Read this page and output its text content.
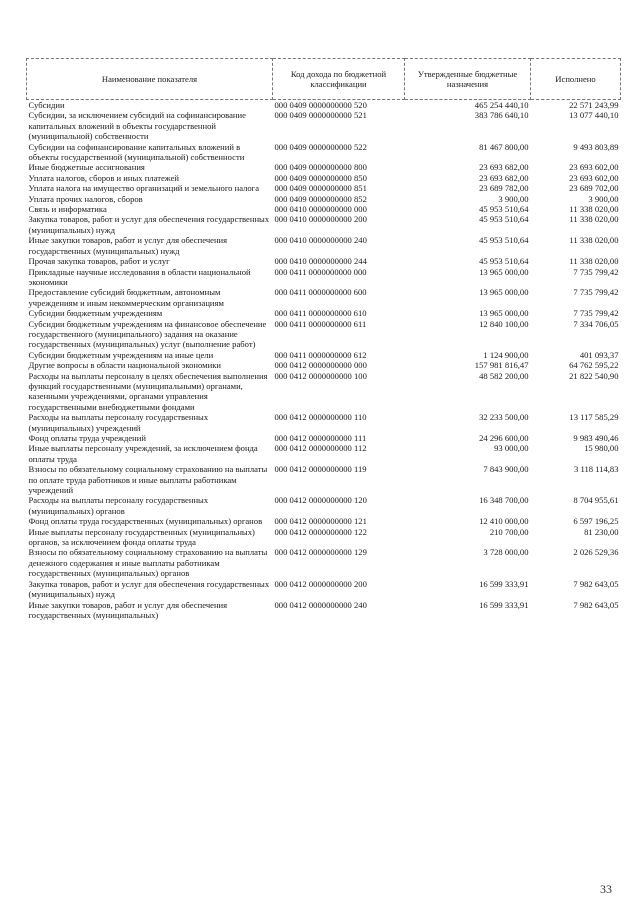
Наименование показателя	Код дохода по бюджетной классификации	Утвержденные бюджетные назначения	Исполнено
Субсидии	000 0409 0000000000 520	465 254 440,10	22 571 243,99
Субсидии, за исключением субсидий на софинансирование капитальных вложений в объекты государственной (муниципальной) собственности	000 0409 0000000000 521	383 786 640,10	13 077 440,10
Субсидии на софинансирование капитальных вложений в объекты государственной (муниципальной) собственности	000 0409 0000000000 522	81 467 800,00	9 493 803,89
Иные бюджетные ассигнования	000 0409 0000000000 800	23 693 682,00	23 693 602,00
Уплата налогов, сборов и иных платежей	000 0409 0000000000 850	23 693 682,00	23 693 602,00
Уплата налога на имущество организаций и земельного налога	000 0409 0000000000 851	23 689 782,00	23 689 702,00
Уплата прочих налогов, сборов	000 0409 0000000000 852	3 900,00	3 900,00
Связь и информатика	000 0410 0000000000 000	45 953 510,64	11 338 020,00
Закупка товаров, работ и услуг для обеспечения государственных (муниципальных) нужд	000 0410 0000000000 200	45 953 510,64	11 338 020,00
Иные закупки товаров, работ и услуг для обеспечения государственных (муниципальных) нужд	000 0410 0000000000 240	45 953 510,64	11 338 020,00
Прочая закупка товаров, работ и услуг	000 0410 0000000000 244	45 953 510,64	11 338 020,00
Прикладные научные исследования в области национальной экономики	000 0411 0000000000 000	13 965 000,00	7 735 799,42
Предоставление субсидий бюджетным, автономным учреждениям и иным некоммерческим организациям	000 0411 0000000000 600	13 965 000,00	7 735 799,42
Субсидии бюджетным учреждениям	000 0411 0000000000 610	13 965 000,00	7 735 799,42
Субсидии бюджетным учреждениям на финансовое обеспечение государственного (муниципального) задания на оказание государственных (муниципальных) услуг (выполнение работ)	000 0411 0000000000 611	12 840 100,00	7 334 706,05
Субсидии бюджетным учреждениям на иные цели	000 0411 0000000000 612	1 124 900,00	401 093,37
Другие вопросы в области национальной экономики	000 0412 0000000000 000	157 981 816,47	64 762 595,22
Расходы на выплаты персоналу в целях обеспечения выполнения функций государственными (муниципальными) органами, казенными учреждениями, органами управления государственными внебюджетными фондами	000 0412 0000000000 100	48 582 200,00	21 822 540,90
Расходы на выплаты персоналу государственных (муниципальных) учреждений	000 0412 0000000000 110	32 233 500,00	13 117 585,29
Фонд оплаты труда учреждений	000 0412 0000000000 111	24 296 600,00	9 983 490,46
Иные выплаты персоналу учреждений, за исключением фонда оплаты труда	000 0412 0000000000 112	93 000,00	15 980,00
Взносы по обязательному социальному страхованию на выплаты по оплате труда работников и иные выплаты работникам учреждений	000 0412 0000000000 119	7 843 900,00	3 118 114,83
Расходы на выплаты персоналу государственных (муниципальных) органов	000 0412 0000000000 120	16 348 700,00	8 704 955,61
Фонд оплаты труда государственных (муниципальных) органов	000 0412 0000000000 121	12 410 000,00	6 597 196,25
Иные выплаты персоналу государственных (муниципальных) органов, за исключением фонда оплаты труда	000 0412 0000000000 122	210 700,00	81 230,00
Взносы по обязательному социальному страхованию на выплаты денежного содержания и иные выплаты работникам государственных (муниципальных) органов	000 0412 0000000000 129	3 728 000,00	2 026 529,36
Закупка товаров, работ и услуг для обеспечения государственных (муниципальных) нужд	000 0412 0000000000 200	16 599 333,91	7 982 643,05
Иные закупки товаров, работ и услуг для обеспечения государственных (муниципальных)	000 0412 0000000000 240	16 599 333,91	7 982 643,05
33
